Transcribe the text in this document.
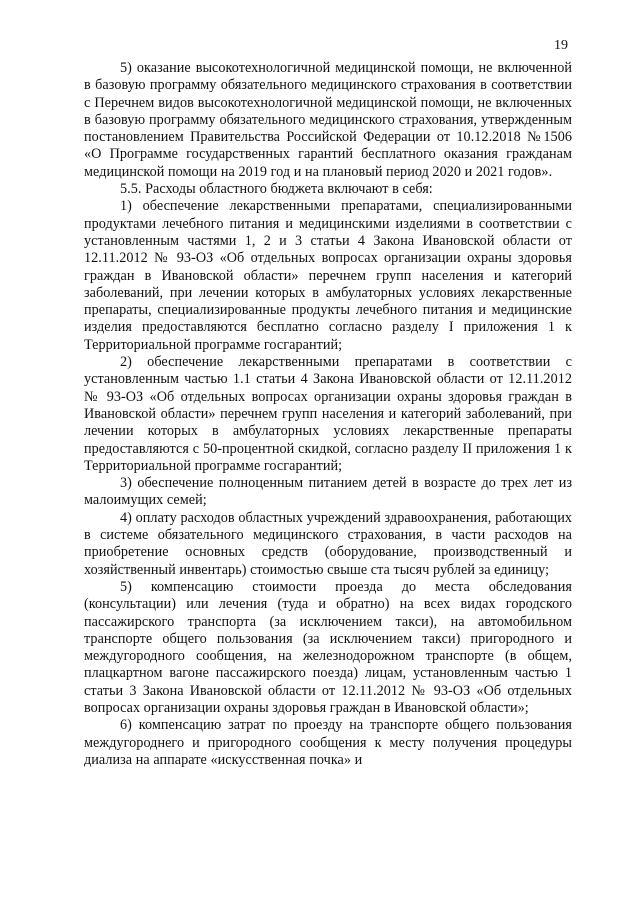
19

5) оказание высокотехнологичной медицинской помощи, не включенной в базовую программу обязательного медицинского страхования в соответствии с Перечнем видов высокотехнологичной медицинской помощи, не включенных в базовую программу обязательного медицинского страхования, утвержденным постановлением Правительства Российской Федерации от 10.12.2018 №1506 «О Программе государственных гарантий бесплатного оказания гражданам медицинской помощи на 2019 год и на плановый период 2020 и 2021 годов».

5.5. Расходы областного бюджета включают в себя:

1) обеспечение лекарственными препаратами, специализированными продуктами лечебного питания и медицинскими изделиями в соответствии с установленным частями 1, 2 и 3 статьи 4 Закона Ивановской области от 12.11.2012 № 93-ОЗ «Об отдельных вопросах организации охраны здоровья граждан в Ивановской области» перечнем групп населения и категорий заболеваний, при лечении которых в амбулаторных условиях лекарственные препараты, специализированные продукты лечебного питания и медицинские изделия предоставляются бесплатно согласно разделу I приложения 1 к Территориальной программе госгарантий;

2) обеспечение лекарственными препаратами в соответствии с установленным частью 1.1 статьи 4 Закона Ивановской области от 12.11.2012 № 93-ОЗ «Об отдельных вопросах организации охраны здоровья граждан в Ивановской области» перечнем групп населения и категорий заболеваний, при лечении которых в амбулаторных условиях лекарственные препараты предоставляются с 50-процентной скидкой, согласно разделу II приложения 1 к Территориальной программе госгарантий;

3) обеспечение полноценным питанием детей в возрасте до трех лет из малоимущих семей;

4) оплату расходов областных учреждений здравоохранения, работающих в системе обязательного медицинского страхования, в части расходов на приобретение основных средств (оборудование, производственный и хозяйственный инвентарь) стоимостью свыше ста тысяч рублей за единицу;

5) компенсацию стоимости проезда до места обследования (консультации) или лечения (туда и обратно) на всех видах городского пассажирского транспорта (за исключением такси), на автомобильном транспорте общего пользования (за исключением такси) пригородного и междугородного сообщения, на железнодорожном транспорте (в общем, плацкартном вагоне пассажирского поезда) лицам, установленным частью 1 статьи 3 Закона Ивановской области от 12.11.2012 № 93-ОЗ «Об отдельных вопросах организации охраны здоровья граждан в Ивановской области»;

6) компенсацию затрат по проезду на транспорте общего пользования междугороднего и пригородного сообщения к месту получения процедуры диализа на аппарате «искусственная почка» и
